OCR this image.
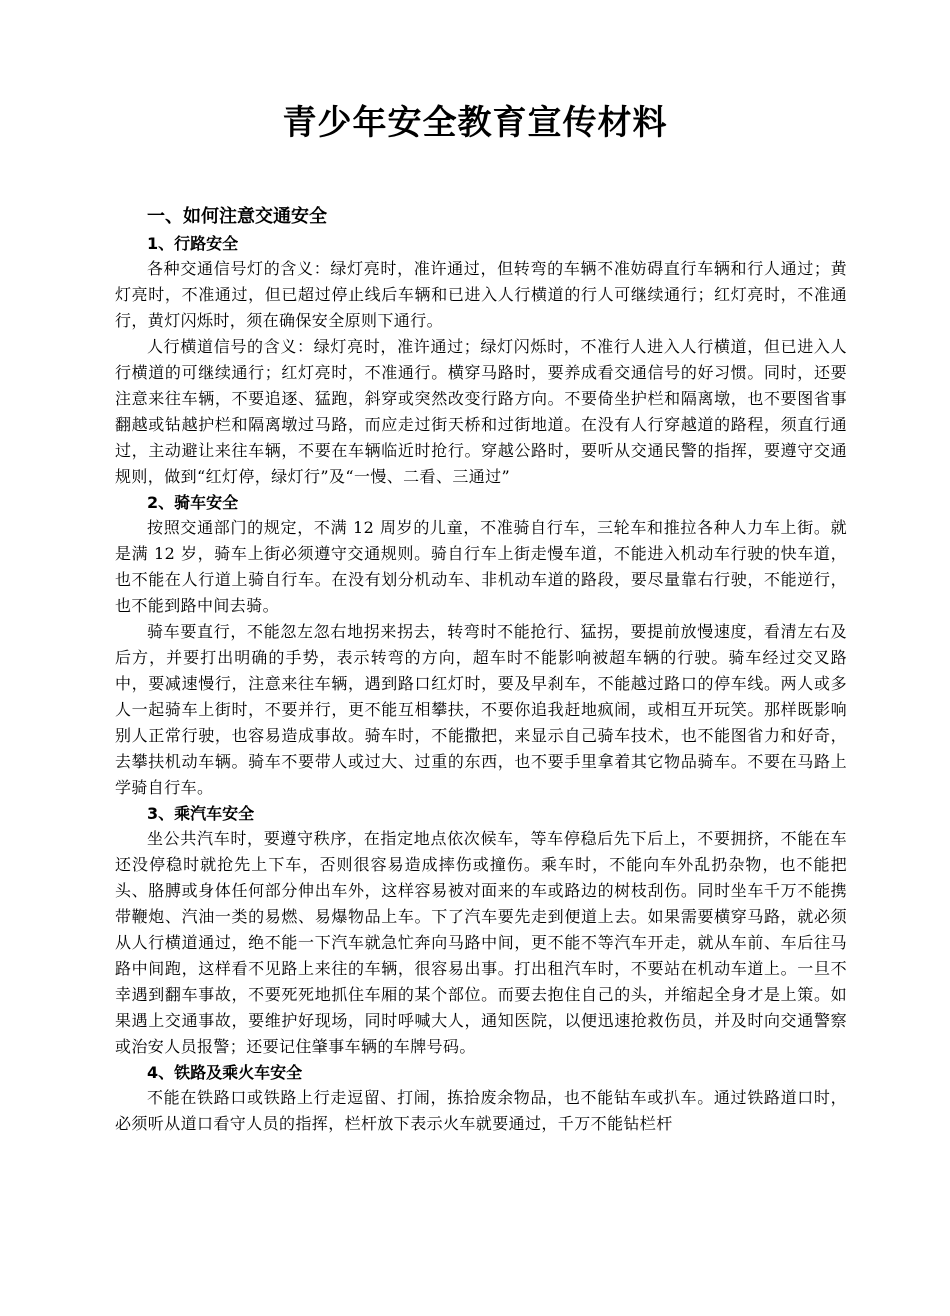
青少年安全教育宣传材料
一、如何注意交通安全
1、行路安全

各种交通信号灯的含义：绿灯亮时，准许通过，但转弯的车辆不准妨碍直行车辆和行人通过；黄灯亮时，不准通过，但已超过停止线后车辆和已进入人行横道的行人可继续通行；红灯亮时，不准通行，黄灯闪烁时，须在确保安全原则下通行。

人行横道信号的含义：绿灯亮时，准许通过；绿灯闪烁时，不准行人进入人行横道，但已进入人行横道的可继续通行；红灯亮时，不准通行。横穿马路时，要养成看交通信号的好习惯。同时，还要注意来往车辆，不要追逐、猛跑，斜穿或突然改变行路方向。不要倚坐护栏和隔离墩，也不要图省事翻越或钻越护栏和隔离墩过马路，而应走过街天桥和过街地道。在没有人行穿越道的路程，须直行通过，主动避让来往车辆，不要在车辆临近时抢行。穿越公路时，要听从交通民警的指挥，要遵守交通规则，做到“红灯停，绿灯行”及“一慢、二看、三通过”

2、骑车安全

按照交通部门的规定，不满 12 周岁的儿童，不准骑自行车，三轮车和推拉各种人力车上街。就是满 12 岁，骑车上街必须遵守交通规则。骑自行车上街走慢车道，不能进入机动车行驶的快车道，也不能在人行道上骑自行车。在没有划分机动车、非机动车道的路段，要尽量靠右行驶，不能逆行，也不能到路中间去骑。

骑车要直行，不能忽左忽右地拐来拐去，转弯时不能抢行、猛拐，要提前放慢速度，看清左右及后方，并要打出明确的手势，表示转弯的方向，超车时不能影响被超车辆的行驶。骑车经过交叉路中，要减速慢行，注意来往车辆，遇到路口红灯时，要及早刹车，不能越过路口的停车线。两人或多人一起骑车上街时，不要并行，更不能互相攀扶，不要你追我赶地疯闹，或相互开玩笑。那样既影响别人正常行驶，也容易造成事故。骑车时，不能撒把，来显示自己骑车技术，也不能图省力和好奇，去攀扶机动车辆。骑车不要带人或过大、过重的东西，也不要手里拿着其它物品骑车。不要在马路上学骑自行车。

3、乘汽车安全

坐公共汽车时，要遵守秩序，在指定地点依次候车，等车停稳后先下后上，不要拥挤，不能在车还没停稳时就抢先上下车，否则很容易造成摔伤或撞伤。乘车时，不能向车外乱扔杂物，也不能把头、胳膊或身体任何部分伸出车外，这样容易被对面来的车或路边的树枝刮伤。同时坐车千万不能携带鞭炮、汽油一类的易燃、易爆物品上车。下了汽车要先走到便道上去。如果需要横穿马路，就必须从人行横道通过，绝不能一下汽车就急忙奔向马路中间，更不能不等汽车开走，就从车前、车后往马路中间跑，这样看不见路上来往的车辆，很容易出事。打出租汽车时，不要站在机动车道上。一旦不幸遇到翻车事故，不要死死地抓住车厢的某个部位。而要去抱住自己的头，并缩起全身才是上策。如果遇上交通事故，要维护好现场，同时呼喊大人，通知医院，以便迅速抢救伤员，并及时向交通警察或治安人员报警；还要记住肇事车辆的车牌号码。

4、铁路及乘火车安全

不能在铁路口或铁路上行走逗留、打闹，拣拾废余物品，也不能钻车或扒车。通过铁路道口时，必须听从道口看守人员的指挥，栏杆放下表示火车就要通过，千万不能钻栏杆
